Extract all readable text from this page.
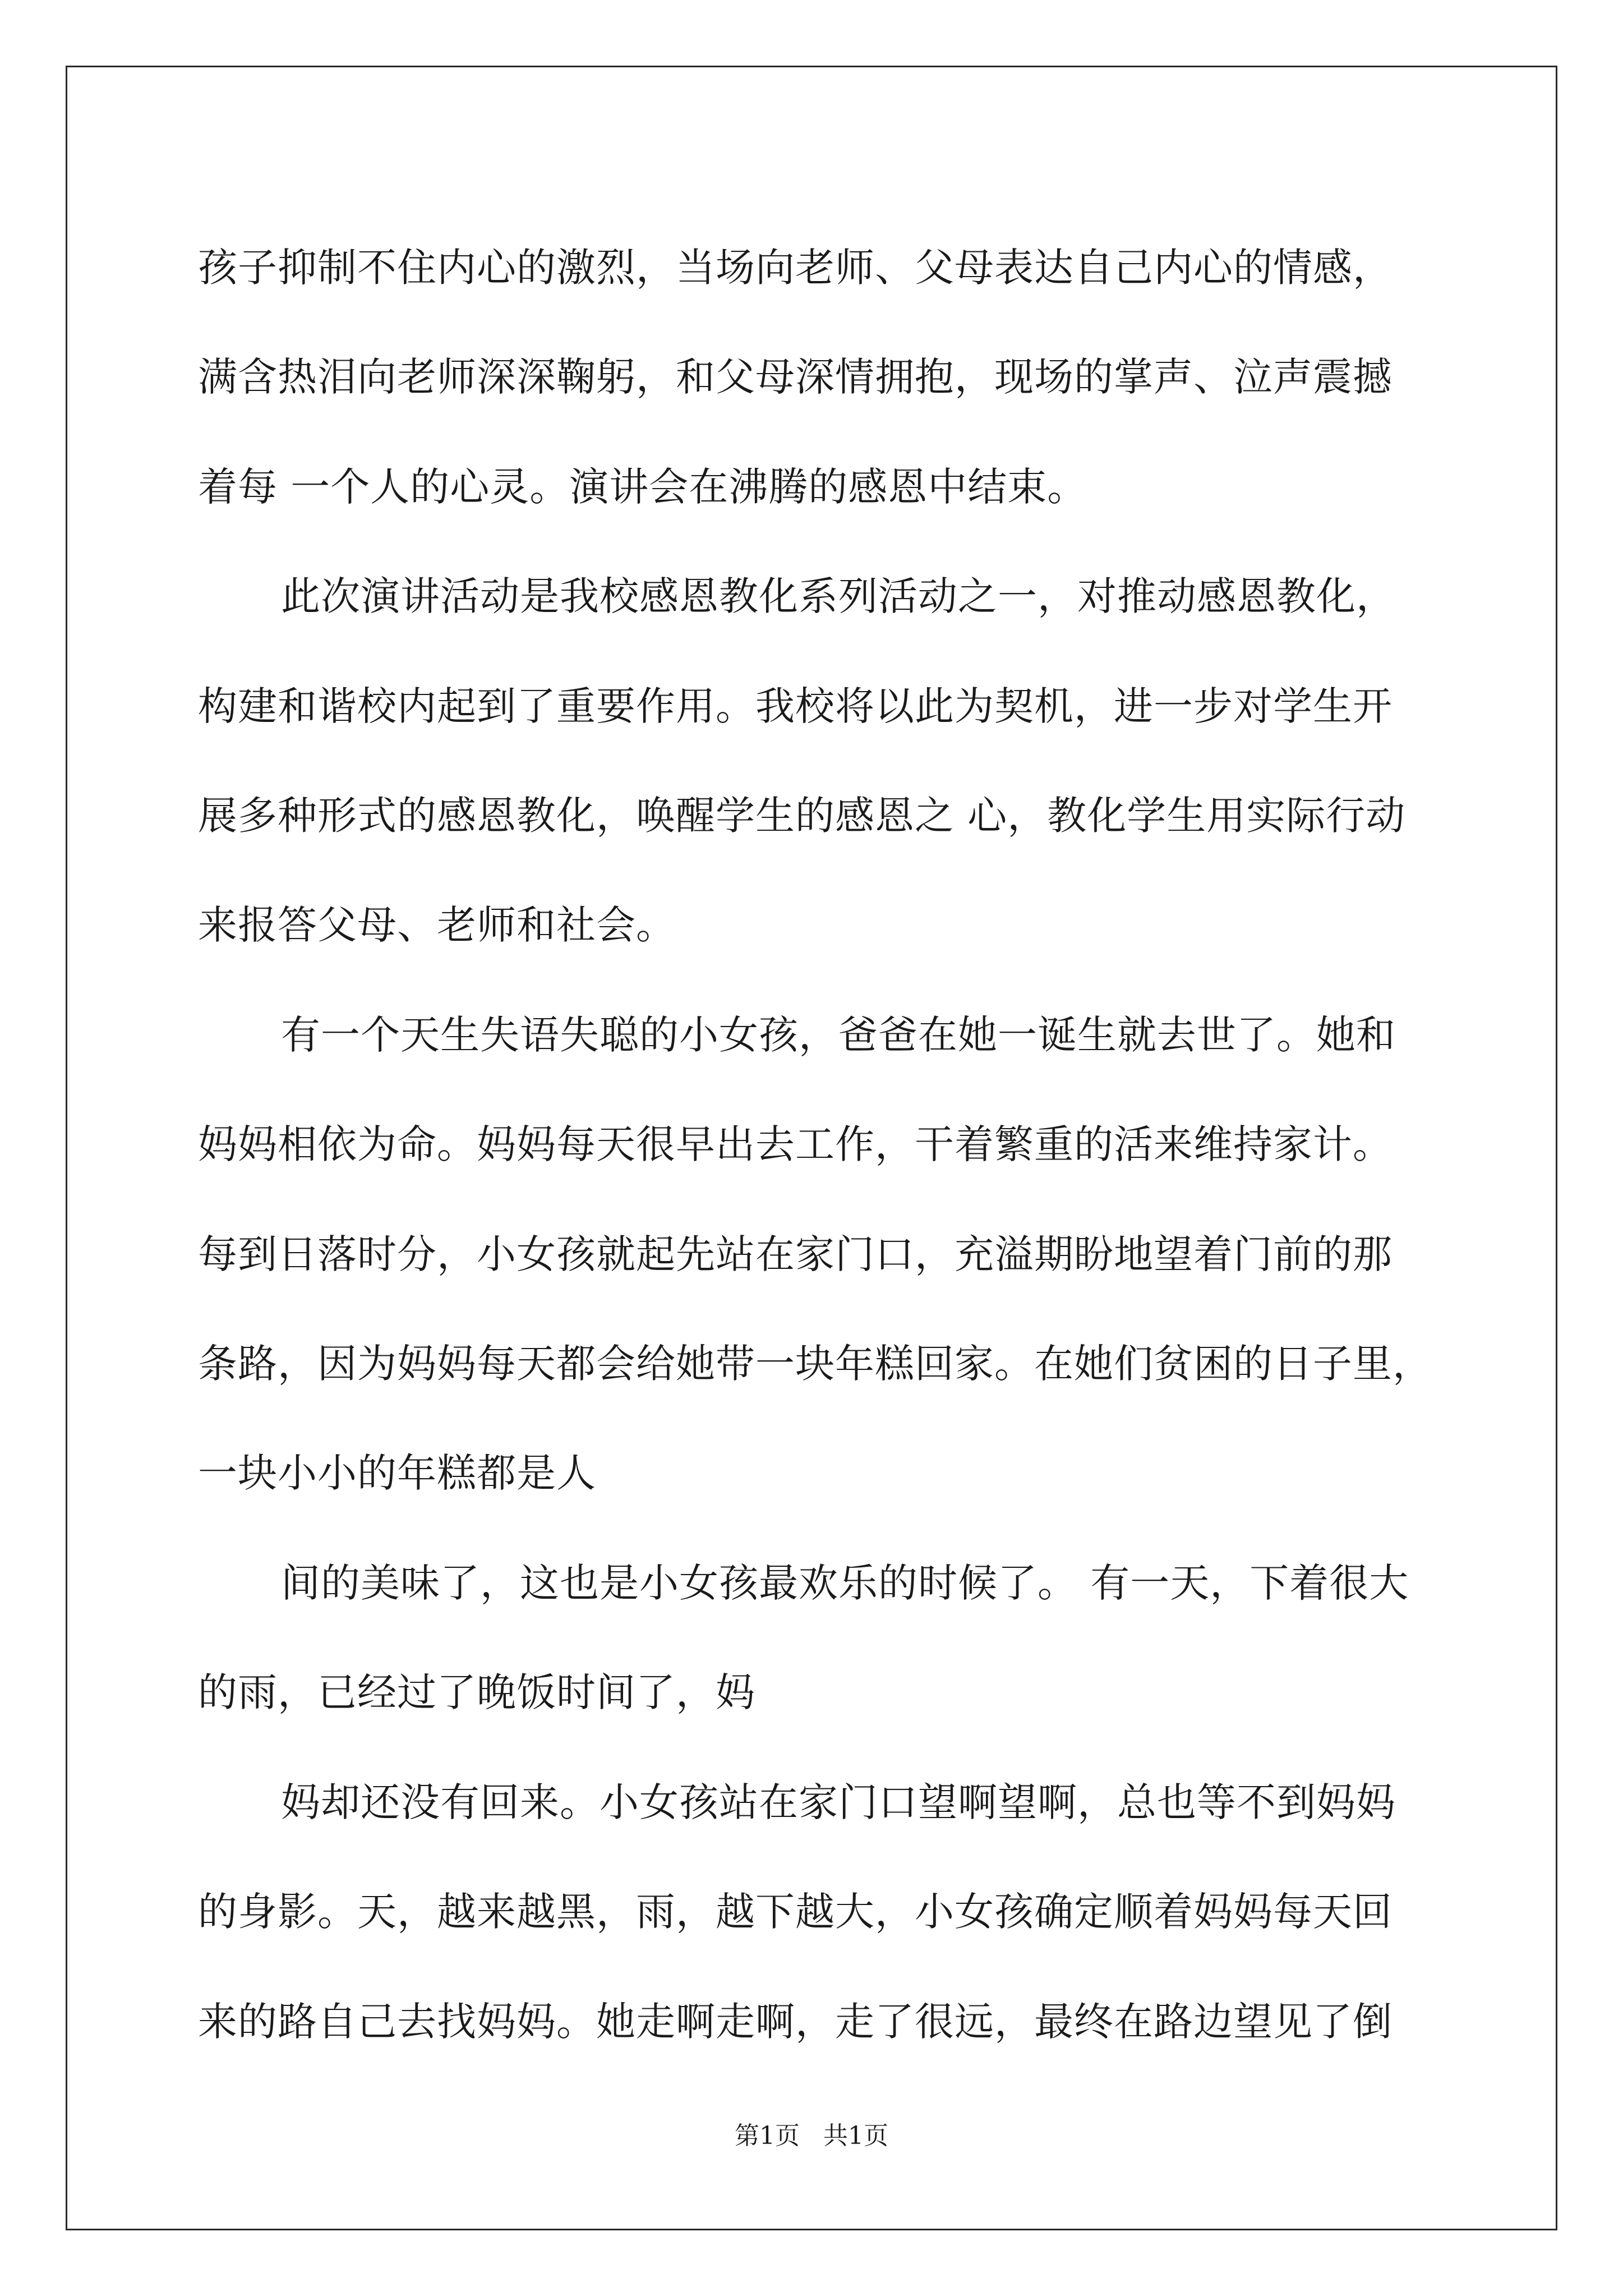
孩子抑制不住内心的激烈，当场向老师、父母表达自己内心的情感，
满含热泪向老师深深鞠躬，和父母深情拥抱，现场的掌声、泣声震撼
着每 一个人的心灵。演讲会在沸腾的感恩中结束。
此次演讲活动是我校感恩教化系列活动之一，对推动感恩教化，
构建和谐校内起到了重要作用。我校将以此为契机，进一步对学生开
展多种形式的感恩教化，唤醒学生的感恩之 心，教化学生用实际行动
来报答父母、老师和社会。
有一个天生失语失聪的小女孩，爸爸在她一诞生就去世了。她和
妈妈相依为命。妈妈每天很早出去工作，干着繁重的活来维持家计。
每到日落时分，小女孩就起先站在家门口，充溢期盼地望着门前的那
条路，因为妈妈每天都会给她带一块年糕回家。在她们贫困的日子里，
一块小小的年糕都是人
间的美味了，这也是小女孩最欢乐的时候了。 有一天，下着很大
的雨，已经过了晚饭时间了，妈
妈却还没有回来。小女孩站在家门口望啊望啊，总也等不到妈妈
的身影。天，越来越黑，雨，越下越大，小女孩确定顺着妈妈每天回
来的路自己去找妈妈。她走啊走啊，走了很远，最终在路边望见了倒
第1页   共1页
